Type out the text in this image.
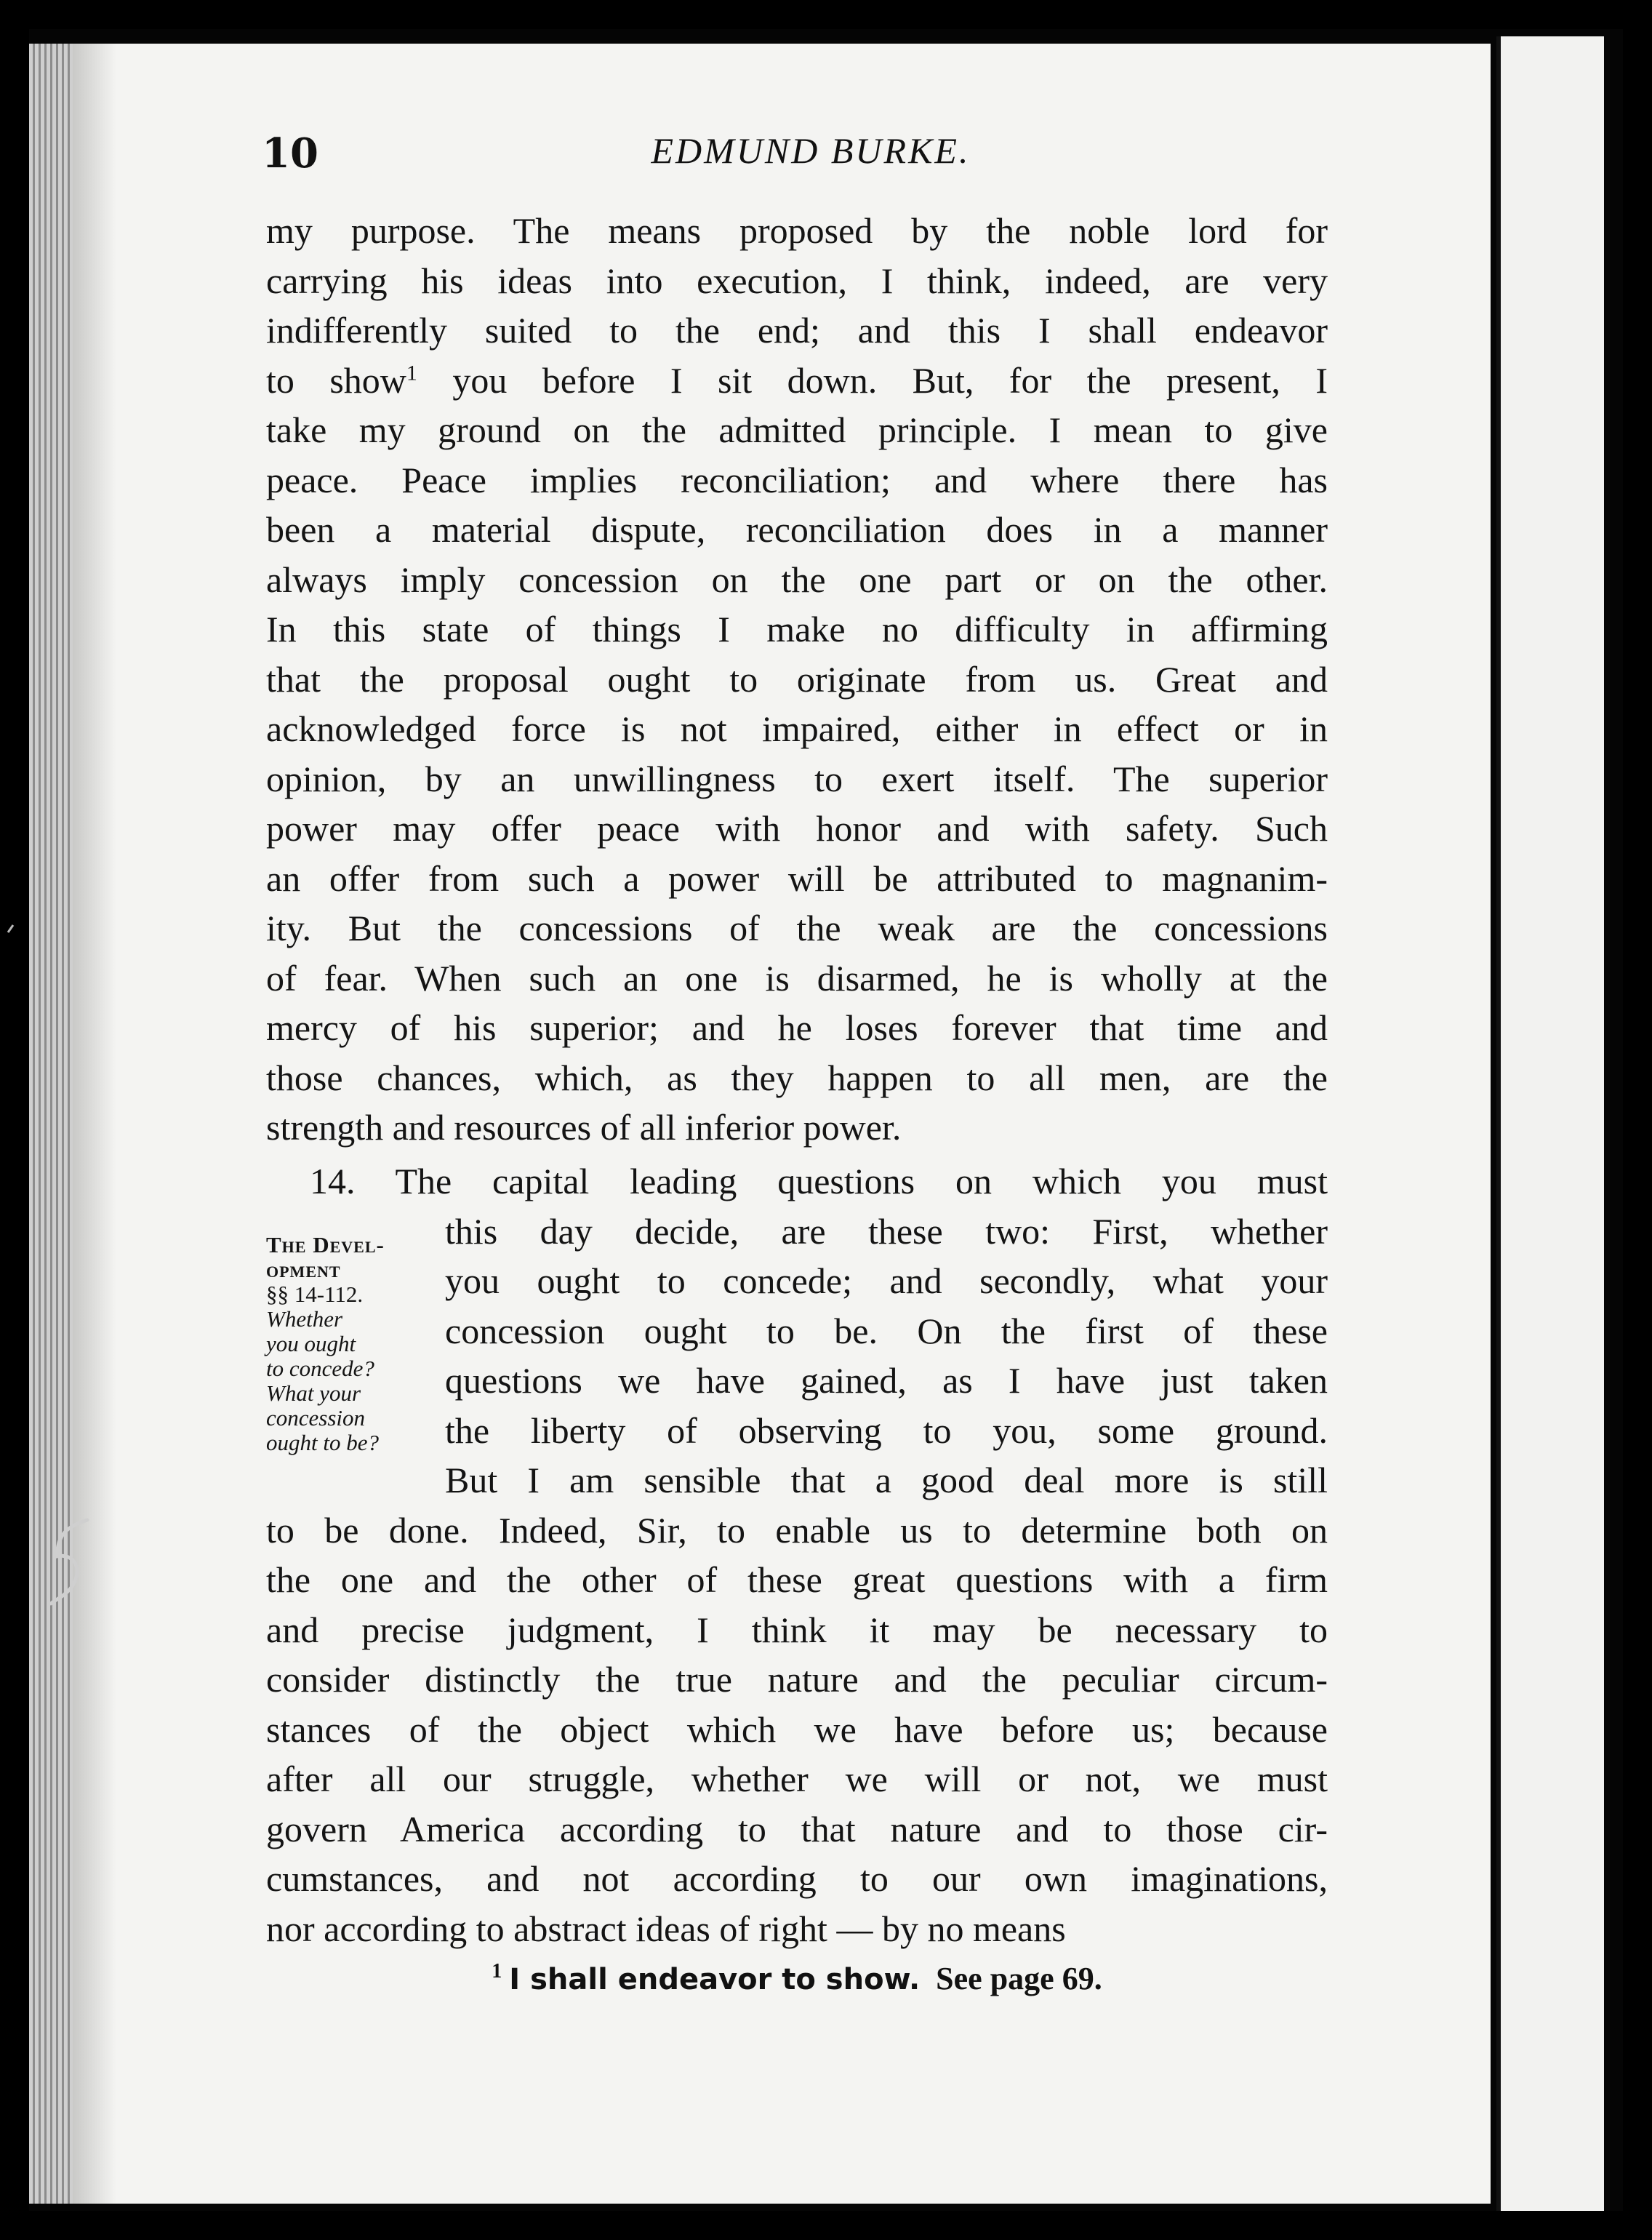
10	EDMUND BURKE.
my purpose. The means proposed by the noble lord for
carrying his ideas into execution, I think, indeed, are very
indifferently suited to the end; and this I shall endeavor
to show$^1$ you before I sit down. But, for the present, I
take my ground on the admitted principle. I mean to give
peace. Peace implies reconciliation; and where there has
been a material dispute, reconciliation does in a manner
always imply concession on the one part or on the other.
In this state of things I make no difficulty in affirming
that the proposal ought to originate from us. Great and
acknowledged force is not impaired, either in effect or in
opinion, by an unwillingness to exert itself. The superior
power may offer peace with honor and with safety. Such
an offer from such a power will be attributed to magnanim-
ity. But the concessions of the weak are the concessions
of fear. When such an one is disarmed, he is wholly at the
mercy of his superior; and he loses forever that time and
those chances, which, as they happen to all men, are the
strength and resources of all inferior power.
14. The capital leading questions on which you must
this day decide, are these two: First, whether
you ought to concede; and secondly, what your
concession ought to be. On the first of these
questions we have gained, as I have just taken
the liberty of observing to you, some ground.
But I am sensible that a good deal more is still
to be done. Indeed, Sir, to enable us to determine both on
the one and the other of these great questions with a firm
and precise judgment, I think it may be necessary to
consider distinctly the true nature and the peculiar circum-
stances of the object which we have before us; because
after all our struggle, whether we will or not, we must
govern America according to that nature and to those cir-
cumstances, and not according to our own imaginations,
nor according to abstract ideas of right — by no means
The Devel-
opment
§§ 14-112.
Whether
you ought
to concede?
What your
concession
ought to be?
$^1$ I shall endeavor to show. See page 69.
